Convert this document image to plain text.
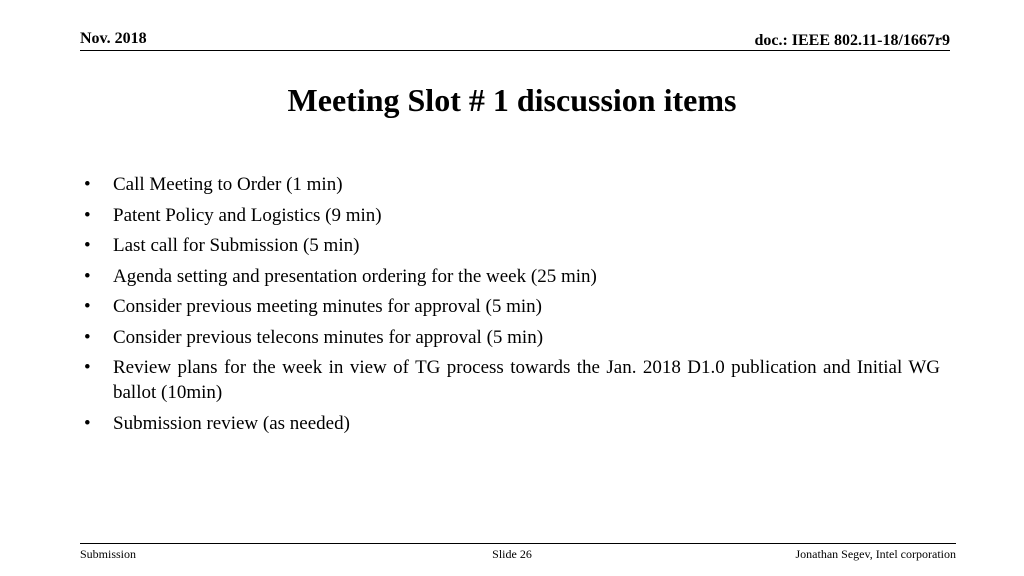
Nov. 2018	doc.: IEEE 802.11-18/1667r9
Meeting Slot # 1 discussion items
•	Call Meeting to Order (1 min)
•	Patent Policy and Logistics (9 min)
•	Last call for Submission (5 min)
•	Agenda setting and presentation ordering for the week (25 min)
•	Consider previous meeting minutes for approval (5 min)
•	Consider previous telecons minutes for approval (5 min)
•	Review plans for the week in view of TG process towards the Jan. 2018 D1.0 publication and Initial WG ballot (10min)
•	Submission review (as needed)
Submission	Slide 26	Jonathan Segev, Intel corporation
